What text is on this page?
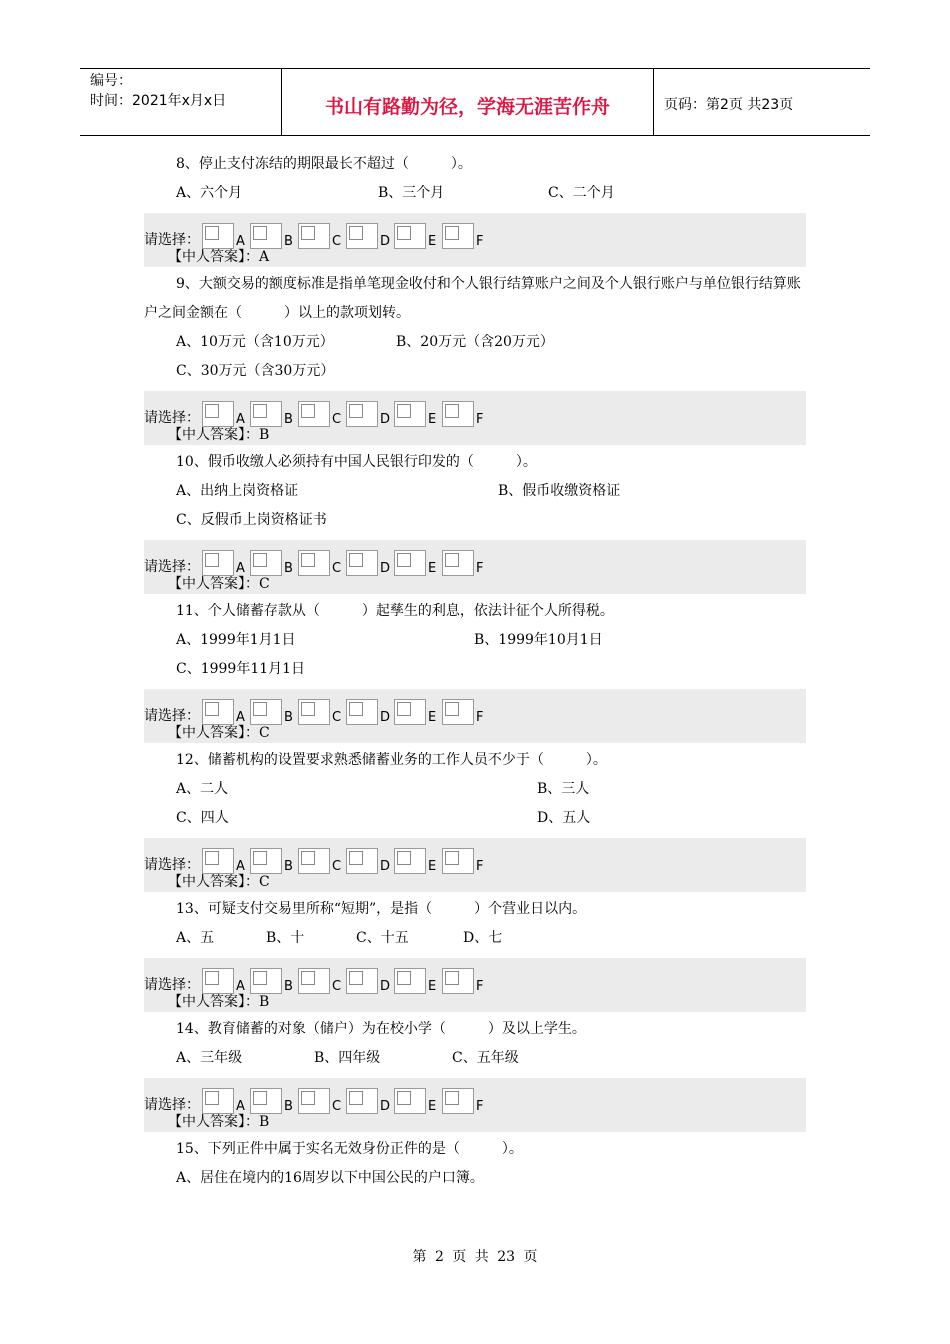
编号：
时间：2021年x月x日	书山有路勤为径，学海无涯苦作舟	页码：第2页 共23页
8、停止支付冻结的期限最长不超过（　　　）。
A、六个月	B、三个月	C、二个月
请选择：	A	B	C	D	E	F
【中人答案】：A
9、大额交易的额度标准是指单笔现金收付和个人银行结算账户之间及个人银行账户与单位银行结算账户之间金额在（　　　）以上的款项划转。
A、10万元（含10万元）	B、20万元（含20万元）
C、30万元（含30万元）
请选择：	A	B	C	D	E	F
【中人答案】：B
10、假币收缴人必须持有中国人民银行印发的（　　　）。
A、出纳上岗资格证	B、假币收缴资格证
C、反假币上岗资格证书
请选择：	A	B	C	D	E	F
【中人答案】：C
11、个人储蓄存款从（　　　）起孳生的利息，依法计征个人所得税。
A、1999年1月1日	B、1999年10月1日
C、1999年11月1日
请选择：	A	B	C	D	E	F
【中人答案】：C
12、储蓄机构的设置要求熟悉储蓄业务的工作人员不少于（　　　）。
A、二人	B、三人
C、四人	D、五人
请选择：	A	B	C	D	E	F
【中人答案】：C
13、可疑支付交易里所称“短期”，是指（　　　）个营业日以内。
A、五	B、十	C、十五	D、七
请选择：	A	B	C	D	E	F
【中人答案】：B
14、教育储蓄的对象（储户）为在校小学（　　　）及以上学生。
A、三年级	B、四年级	C、五年级
请选择：	A	B	C	D	E	F
【中人答案】：B
15、下列正件中属于实名无效身份正件的是（　　　）。
A、居住在境内的16周岁以下中国公民的户口簿。
第 2 页 共 23 页
